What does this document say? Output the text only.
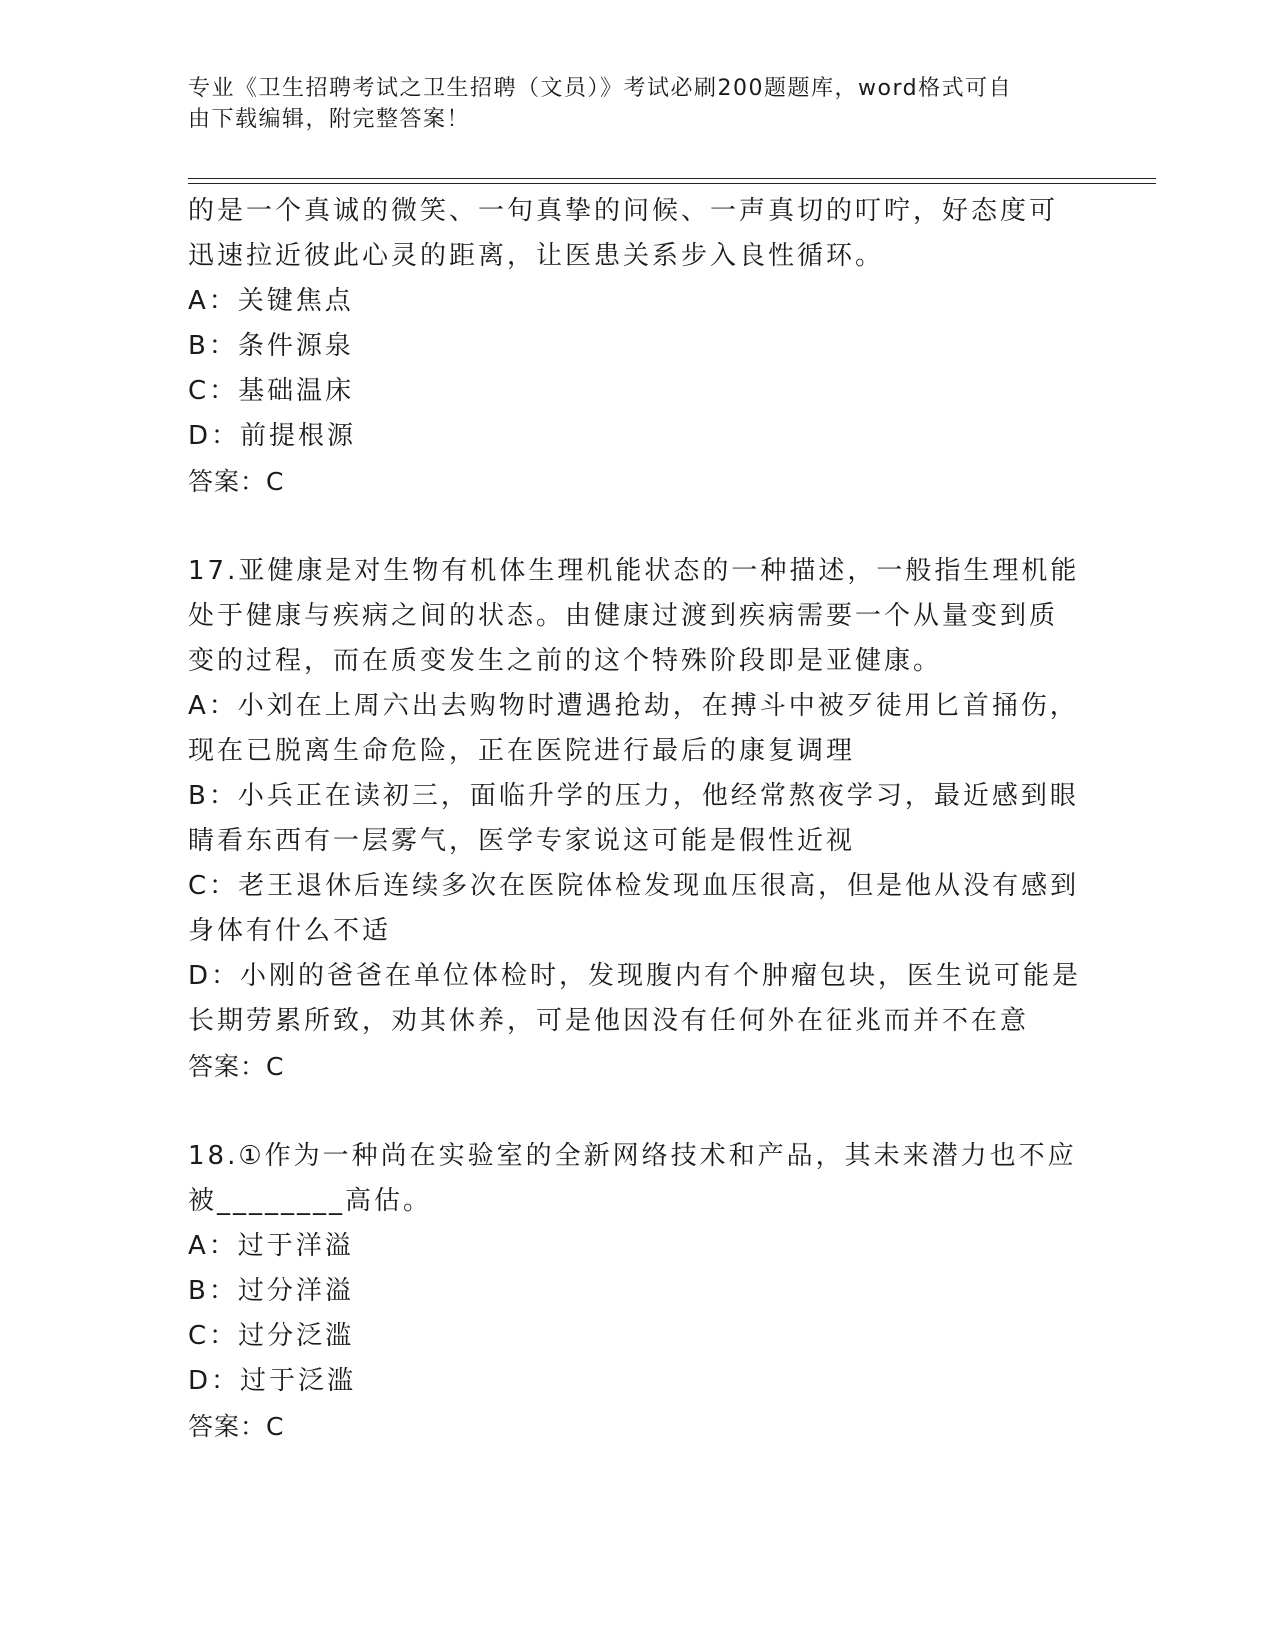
专业《卫生招聘考试之卫生招聘（文员）》考试必刷200题题库，word格式可自
由下载编辑，附完整答案！
的是一个真诚的微笑、一句真挚的问候、一声真切的叮咛，好态度可
迅速拉近彼此心灵的距离，让医患关系步入良性循环。
A：关键焦点
B：条件源泉
C：基础温床
D：前提根源
答案：C
17.亚健康是对生物有机体生理机能状态的一种描述，一般指生理机能
处于健康与疾病之间的状态。由健康过渡到疾病需要一个从量变到质
变的过程，而在质变发生之前的这个特殊阶段即是亚健康。
A：小刘在上周六出去购物时遭遇抢劫，在搏斗中被歹徒用匕首捅伤，
现在已脱离生命危险，正在医院进行最后的康复调理
B：小兵正在读初三，面临升学的压力，他经常熬夜学习，最近感到眼
睛看东西有一层雾气，医学专家说这可能是假性近视
C：老王退休后连续多次在医院体检发现血压很高，但是他从没有感到
身体有什么不适
D：小刚的爸爸在单位体检时，发现腹内有个肿瘤包块，医生说可能是
长期劳累所致，劝其休养，可是他因没有任何外在征兆而并不在意
答案：C
18.①作为一种尚在实验室的全新网络技术和产品，其未来潜力也不应
被________高估。
A：过于洋溢
B：过分洋溢
C：过分泛滥
D：过于泛滥
答案：C
